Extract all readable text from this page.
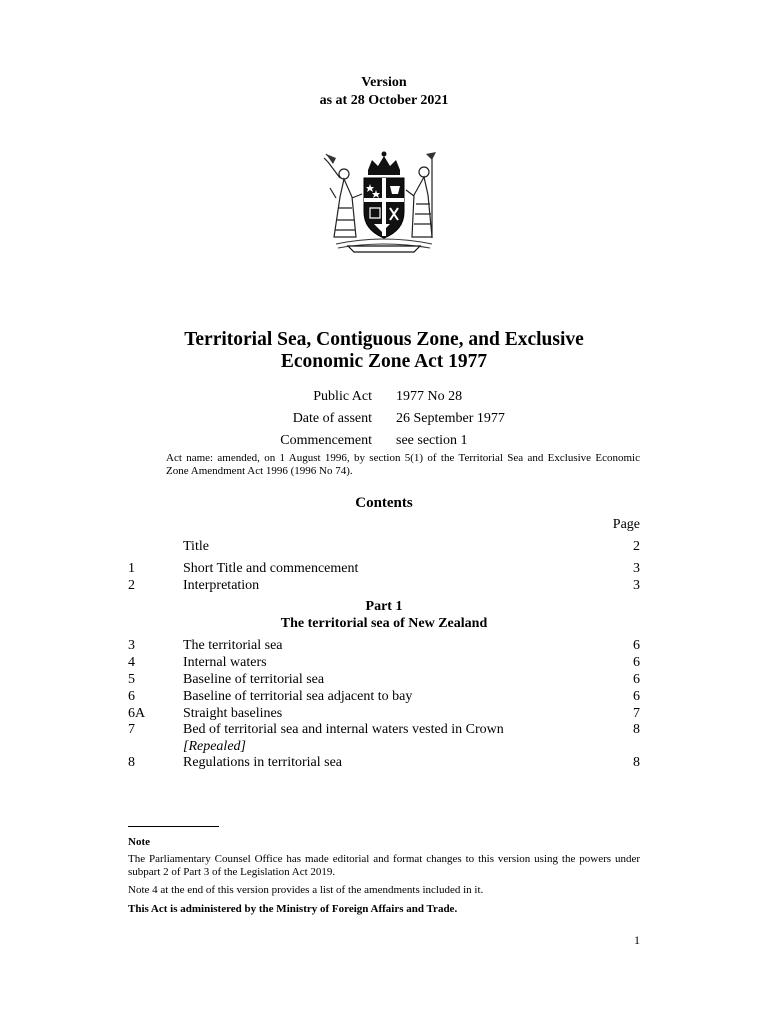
Version
as at 28 October 2021
Territorial Sea, Contiguous Zone, and Exclusive
Economic Zone Act 1977
Public Act 1977 No 28
Date of assent 26 September 1977
Commencement see section 1
Act name: amended, on 1 August 1996, by section 5(1) of the Territorial Sea and Exclusive Economic Zone Amendment Act 1996 (1996 No 74).
Contents
Page
Title	2
1	Short Title and commencement	3
2	Interpretation	3
Part 1
The territorial sea of New Zealand
3	The territorial sea	6
4	Internal waters	6
5	Baseline of territorial sea	6
6	Baseline of territorial sea adjacent to bay	6
6A	Straight baselines	7
7	Bed of territorial sea and internal waters vested in Crown	8
[Repealed]
8	Regulations in territorial sea	8
Note
The Parliamentary Counsel Office has made editorial and format changes to this version using the powers under subpart 2 of Part 3 of the Legislation Act 2019.
Note 4 at the end of this version provides a list of the amendments included in it.
This Act is administered by the Ministry of Foreign Affairs and Trade.
1
